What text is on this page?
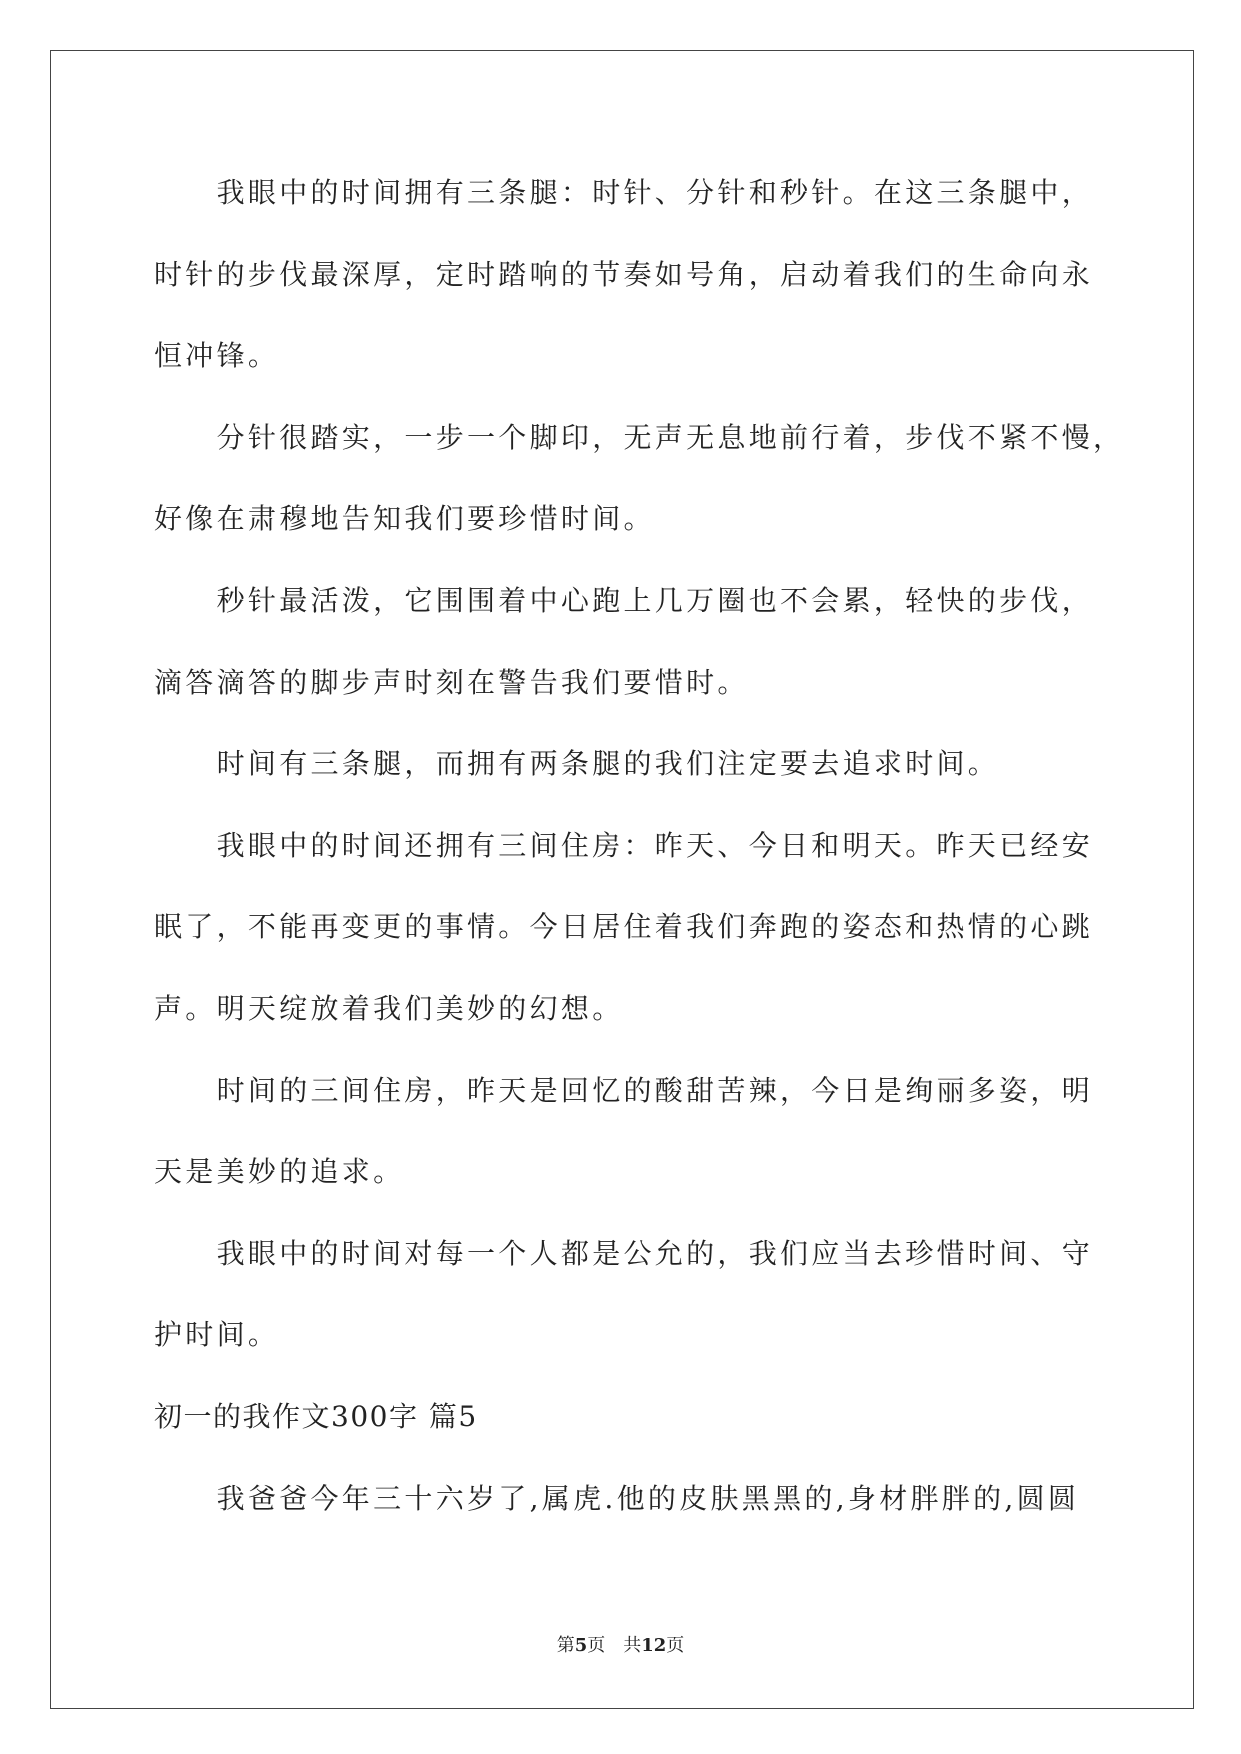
我眼中的时间拥有三条腿：时针、分针和秒针。在这三条腿中，
时针的步伐最深厚，定时踏响的节奏如号角，启动着我们的生命向永
恒冲锋。
分针很踏实，一步一个脚印，无声无息地前行着，步伐不紧不慢，
好像在肃穆地告知我们要珍惜时间。
秒针最活泼，它围围着中心跑上几万圈也不会累，轻快的步伐，
滴答滴答的脚步声时刻在警告我们要惜时。
时间有三条腿，而拥有两条腿的我们注定要去追求时间。
我眼中的时间还拥有三间住房：昨天、今日和明天。昨天已经安
眠了，不能再变更的事情。今日居住着我们奔跑的姿态和热情的心跳
声。明天绽放着我们美妙的幻想。
时间的三间住房，昨天是回忆的酸甜苦辣，今日是绚丽多姿，明
天是美妙的追求。
我眼中的时间对每一个人都是公允的，我们应当去珍惜时间、守
护时间。
初一的我作文300字 篇5
我爸爸今年三十六岁了,属虎.他的皮肤黑黑的,身材胖胖的,圆圆
第5页　共12页
